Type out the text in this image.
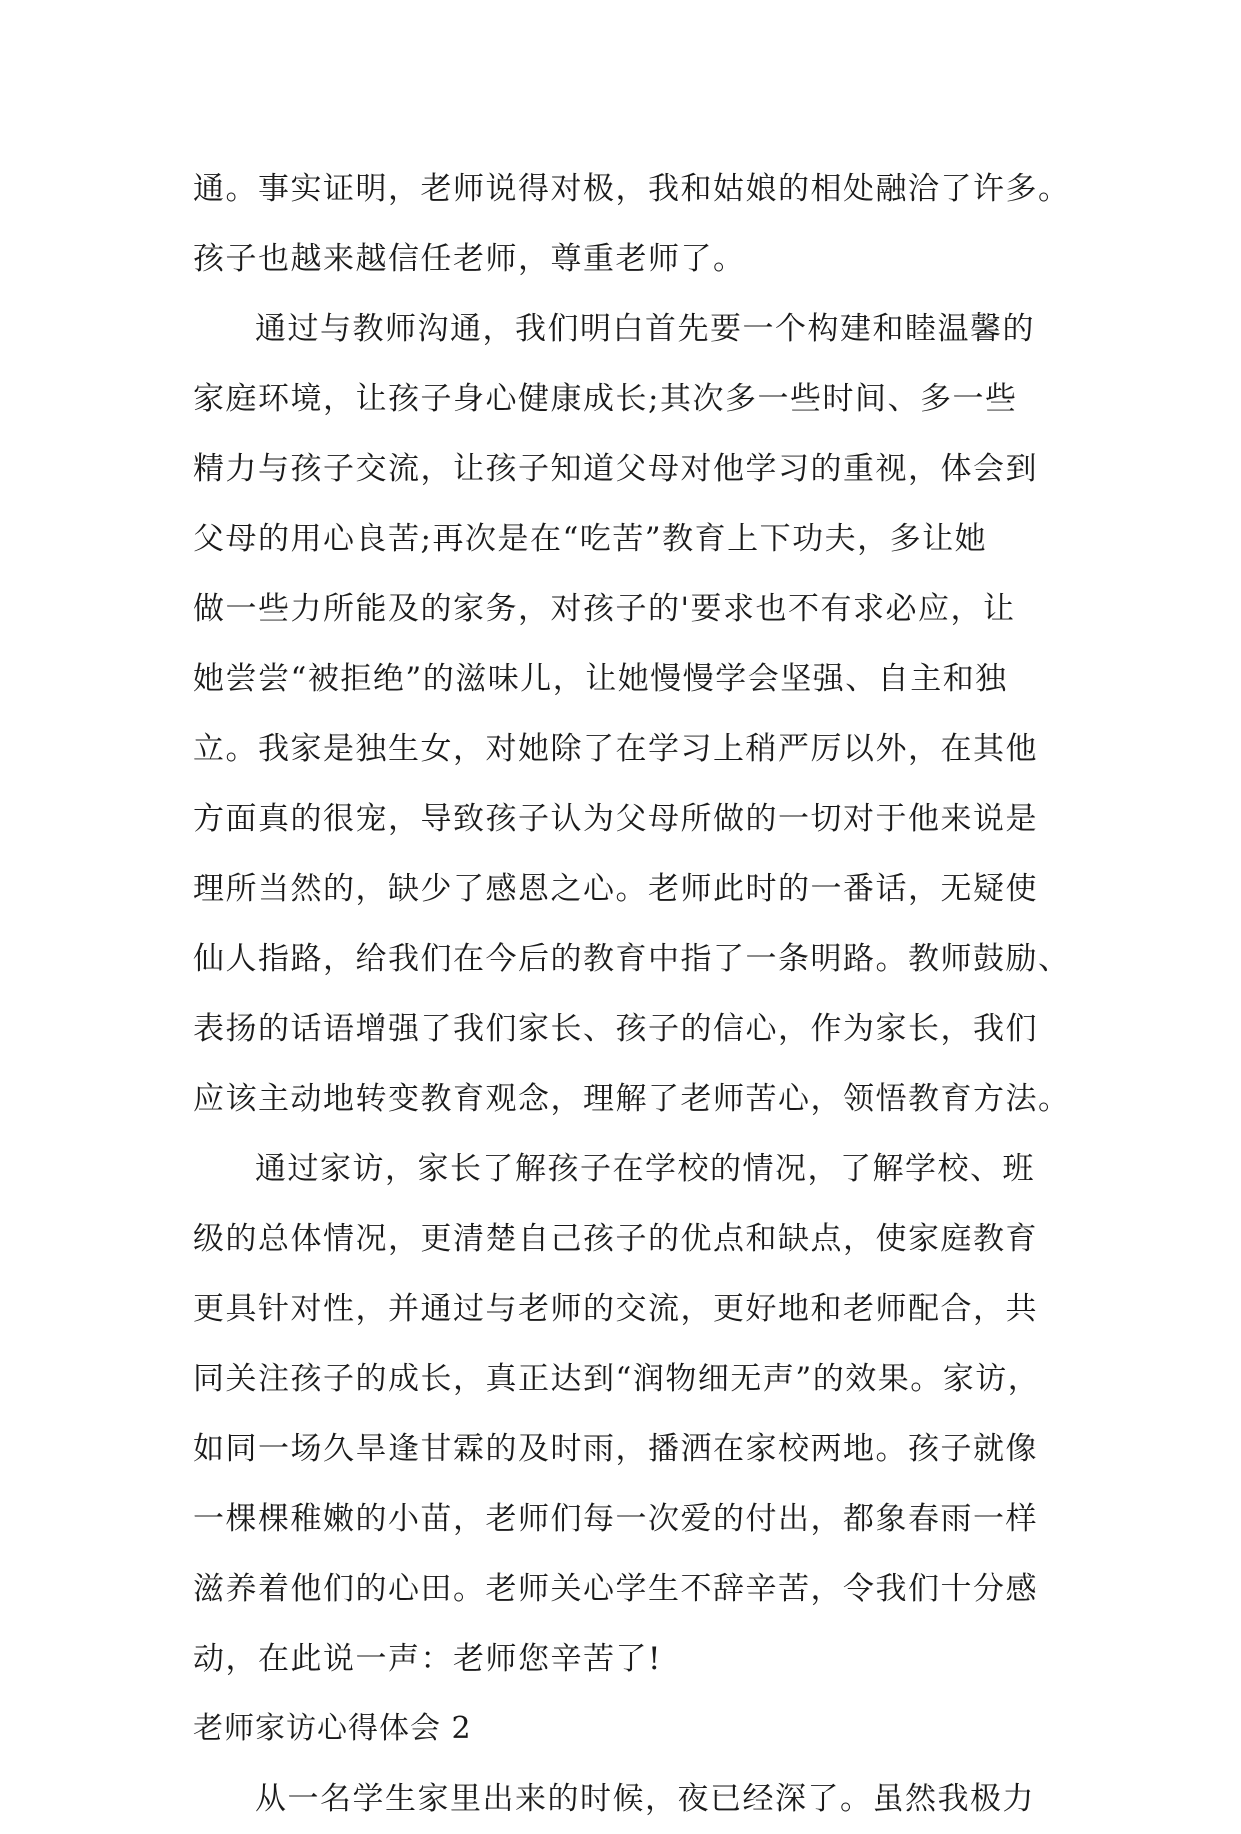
通。事实证明，老师说得对极，我和姑娘的相处融洽了许多。
孩子也越来越信任老师，尊重老师了。
通过与教师沟通，我们明白首先要一个构建和睦温馨的
家庭环境，让孩子身心健康成长;其次多一些时间、多一些
精力与孩子交流，让孩子知道父母对他学习的重视，体会到
父母的用心良苦;再次是在“吃苦”教育上下功夫，多让她
做一些力所能及的家务，对孩子的'要求也不有求必应，让
她尝尝“被拒绝”的滋味儿，让她慢慢学会坚强、自主和独
立。我家是独生女，对她除了在学习上稍严厉以外，在其他
方面真的很宠，导致孩子认为父母所做的一切对于他来说是
理所当然的，缺少了感恩之心。老师此时的一番话，无疑使
仙人指路，给我们在今后的教育中指了一条明路。教师鼓励、
表扬的话语增强了我们家长、孩子的信心，作为家长，我们
应该主动地转变教育观念，理解了老师苦心，领悟教育方法。
通过家访，家长了解孩子在学校的情况，了解学校、班
级的总体情况，更清楚自己孩子的优点和缺点，使家庭教育
更具针对性，并通过与老师的交流，更好地和老师配合，共
同关注孩子的成长，真正达到“润物细无声”的效果。家访，
如同一场久旱逢甘霖的及时雨，播洒在家校两地。孩子就像
一棵棵稚嫩的小苗，老师们每一次爱的付出，都象春雨一样
滋养着他们的心田。老师关心学生不辞辛苦，令我们十分感
动，在此说一声：老师您辛苦了!
老师家访心得体会 2
从一名学生家里出来的时候，夜已经深了。虽然我极力
